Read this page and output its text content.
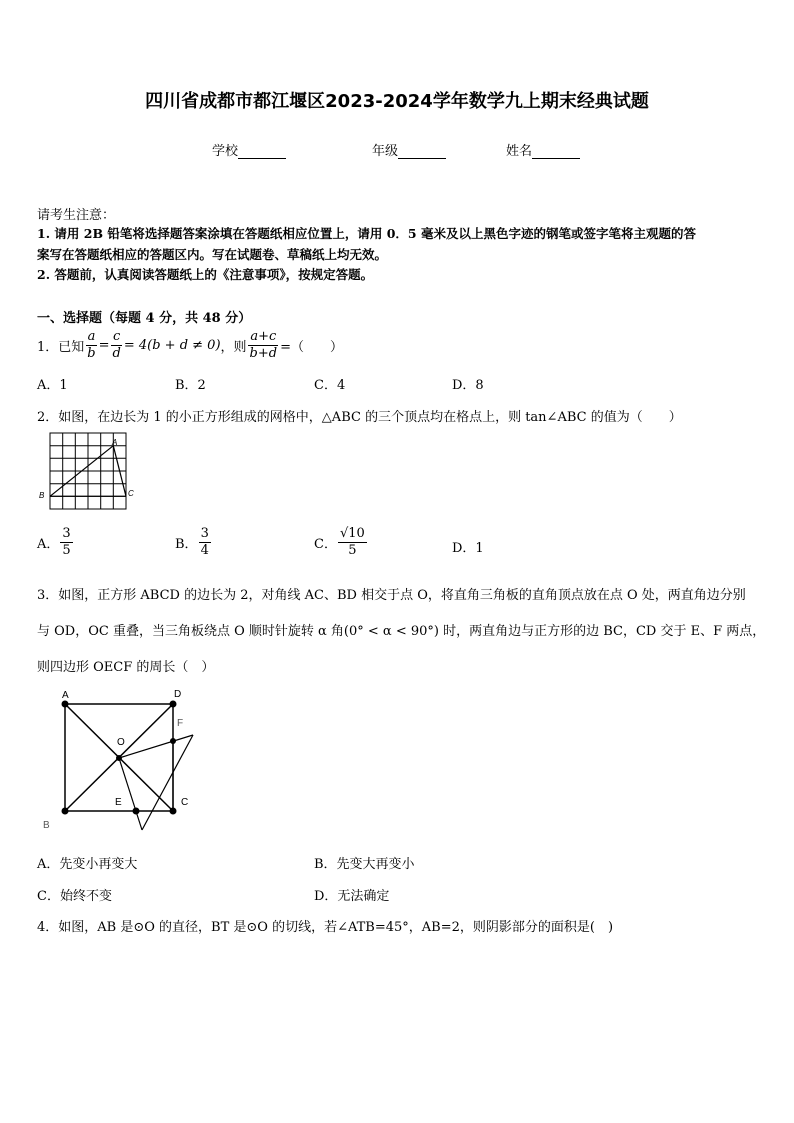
四川省成都市都江堰区2023-2024学年数学九上期末经典试题
学校	年级	姓名
请考生注意：
1. 请用 2B 铅笔将选择题答案涂填在答题纸相应位置上，请用 0．5 毫米及以上黑色字迹的钢笔或签字笔将主观题的答
案写在答题纸相应的答题区内。写在试题卷、草稿纸上均无效。
2. 答题前，认真阅读答题纸上的《注意事项》，按规定答题。
一、选择题（每题 4 分，共 48 分）
1．已知 $\frac{a}{b} = \frac{c}{d} = 4(b + d \ne 0)$ ，则 $\frac{a+c}{b+d}$ =（　　）
A．1	B．2	C．4	D．8
2．如图，在边长为 1 的小正方形组成的网格中，△ABC 的三个顶点均在格点上，则 tan∠ABC 的值为（　　）
A
B	C
A． $\frac{3}{5}$	B． $\frac{3}{4}$	C． $\frac{√10}{5}$	D．1
3．如图，正方形 ABCD 的边长为 2，对角线 AC、BD 相交于点 O，将直角三角板的直角顶点放在点 O 处，两直角边分别
与 OD，OC 重叠，当三角板绕点 O 顺时针旋转 α 角(0° < α < 90°) 时，两直角边与正方形的边 BC，CD 交于 E、F 两点，
则四边形 OECF 的周长（　）
A	D
F
O
E	C
B
A．先变小再变大	B．先变大再变小
C．始终不变	D．无法确定
4．如图，AB 是⊙O 的直径，BT 是⊙O 的切线，若∠ATB=45°，AB=2，则阴影部分的面积是(　)
